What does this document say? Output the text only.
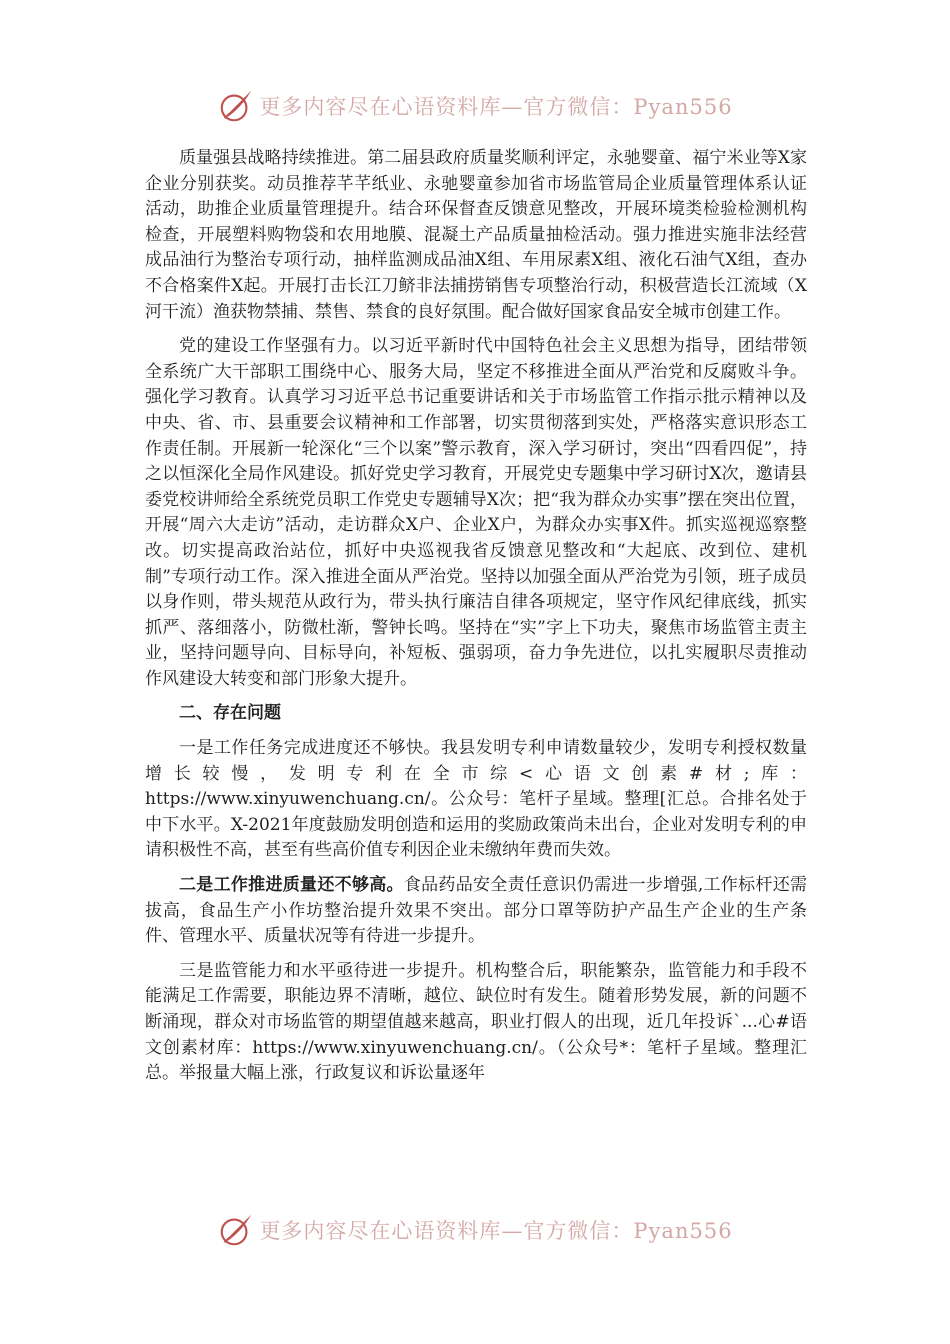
更多内容尽在心语资料库—官方微信：Pyan556

质量强县战略持续推进。第二届县政府质量奖顺利评定，永驰婴童、福宁米业等X家企业分别获奖。动员推荐芊芊纸业、永驰婴童参加省市场监管局企业质量管理体系认证活动，助推企业质量管理提升。结合环保督查反馈意见整改，开展环境类检验检测机构检查，开展塑料购物袋和农用地膜、混凝土产品质量抽检活动。强力推进实施非法经营成品油行为整治专项行动，抽样监测成品油X组、车用尿素X组、液化石油气X组，查办不合格案件X起。开展打击长江刀鲚非法捕捞销售专项整治行动，积极营造长江流域（X河干流）渔获物禁捕、禁售、禁食的良好氛围。配合做好国家食品安全城市创建工作。

党的建设工作坚强有力。以习近平新时代中国特色社会主义思想为指导，团结带领全系统广大干部职工围绕中心、服务大局，坚定不移推进全面从严治党和反腐败斗争。强化学习教育。认真学习习近平总书记重要讲话和关于市场监管工作指示批示精神以及中央、省、市、县重要会议精神和工作部署，切实贯彻落到实处，严格落实意识形态工作责任制。开展新一轮深化“三个以案”警示教育，深入学习研讨，突出“四看四促”，持之以恒深化全局作风建设。抓好党史学习教育，开展党史专题集中学习研讨X次，邀请县委党校讲师给全系统党员职工作党史专题辅导X次；把“我为群众办实事”摆在突出位置，开展“周六大走访”活动，走访群众X户、企业X户，为群众办实事X件。抓实巡视巡察整改。切实提高政治站位，抓好中央巡视我省反馈意见整改和“大起底、改到位、建机制”专项行动工作。深入推进全面从严治党。坚持以加强全面从严治党为引领，班子成员以身作则，带头规范从政行为，带头执行廉洁自律各项规定，坚守作风纪律底线，抓实抓严、落细落小，防微杜渐，警钟长鸣。坚持在“实”字上下功夫，聚焦市场监管主责主业，坚持问题导向、目标导向，补短板、强弱项，奋力争先进位，以扎实履职尽责推动作风建设大转变和部门形象大提升。

二、存在问题

一是工作任务完成进度还不够快。我县发明专利申请数量较少，发明专利授权数量增长较慢，发明专利在全市综<心语文创素#材;库：https://www.xinyuwenchuang.cn/。公众号：笔杆子星域。整理[汇总。合排名处于中下水平。X-2021年度鼓励发明创造和运用的奖励政策尚未出台，企业对发明专利的申请积极性不高，甚至有些高价值专利因企业未缴纳年费而失效。

二是工作推进质量还不够高。食品药品安全责任意识仍需进一步增强,工作标杆还需拔高，食品生产小作坊整治提升效果不突出。部分口罩等防护产品生产企业的生产条件、管理水平、质量状况等有待进一步提升。

三是监管能力和水平亟待进一步提升。机构整合后，职能繁杂，监管能力和手段不能满足工作需要，职能边界不清晰，越位、缺位时有发生。随着形势发展，新的问题不断涌现，群众对市场监管的期望值越来越高，职业打假人的出现，近几年投诉`...心#语文创素材库：https://www.xinyuwenchuang.cn/。（公众号*：笔杆子星域。整理汇总。举报量大幅上涨，行政复议和诉讼量逐年

更多内容尽在心语资料库—官方微信：Pyan556
